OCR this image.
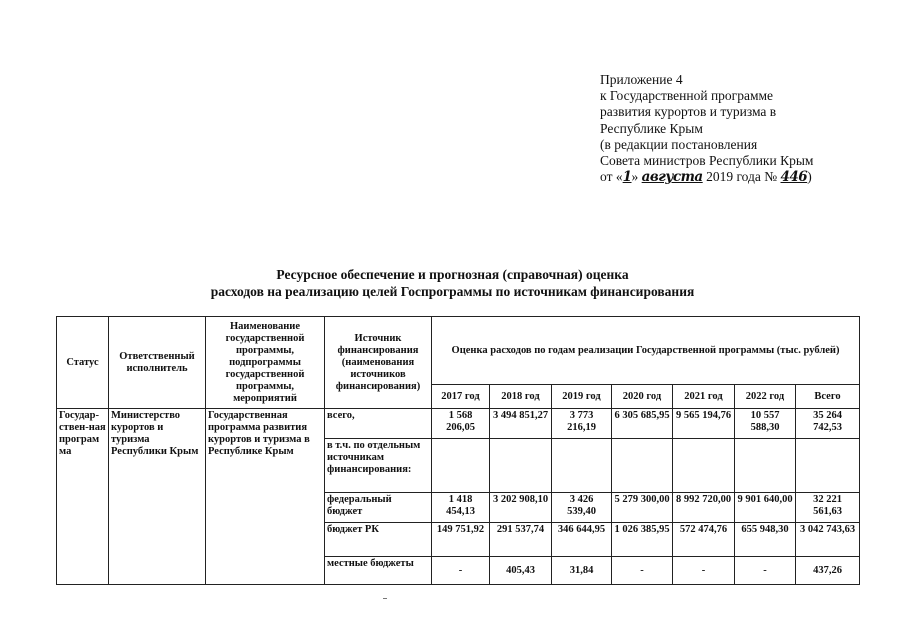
Приложение 4
к Государственной программе
развития курортов и туризма в
Республике Крым
(в редакции постановления
Совета министров Республики Крым
от «1» августа 2019 года № 446)
Ресурсное обеспечение и прогнозная (справочная) оценка
расходов на реализацию целей Госпрограммы по источникам финансирования
Статус	Ответственный исполнитель	Наименование государственной программы, подпрограммы государственной программы, мероприятий	Источник финансирования (наименования источников финансирования)	Оценка расходов по годам реализации Государственной программы (тыс. рублей)						
				2017 год	2018 год	2019 год	2020 год	2021 год	2022 год	Всего
Государ-ствен-ная програм ма	Министерство курортов и туризма Республики Крым	Государственная программа развития курортов и туризма в Республике Крым	всего,	1 568 206,05	3 494 851,27	3 773 216,19	6 305 685,95	9 565 194,76	10 557 588,30	35 264 742,53
			в т.ч. по отдельным источникам финансирования:							
			федеральный бюджет	1 418 454,13	3 202 908,10	3 426 539,40	5 279 300,00	8 992 720,00	9 901 640,00	32 221 561,63
			бюджет РК	149 751,92	291 537,74	346 644,95	1 026 385,95	572 474,76	655 948,30	3 042 743,63
			местные бюджеты	-	405,43	31,84	-	-	-	437,26
